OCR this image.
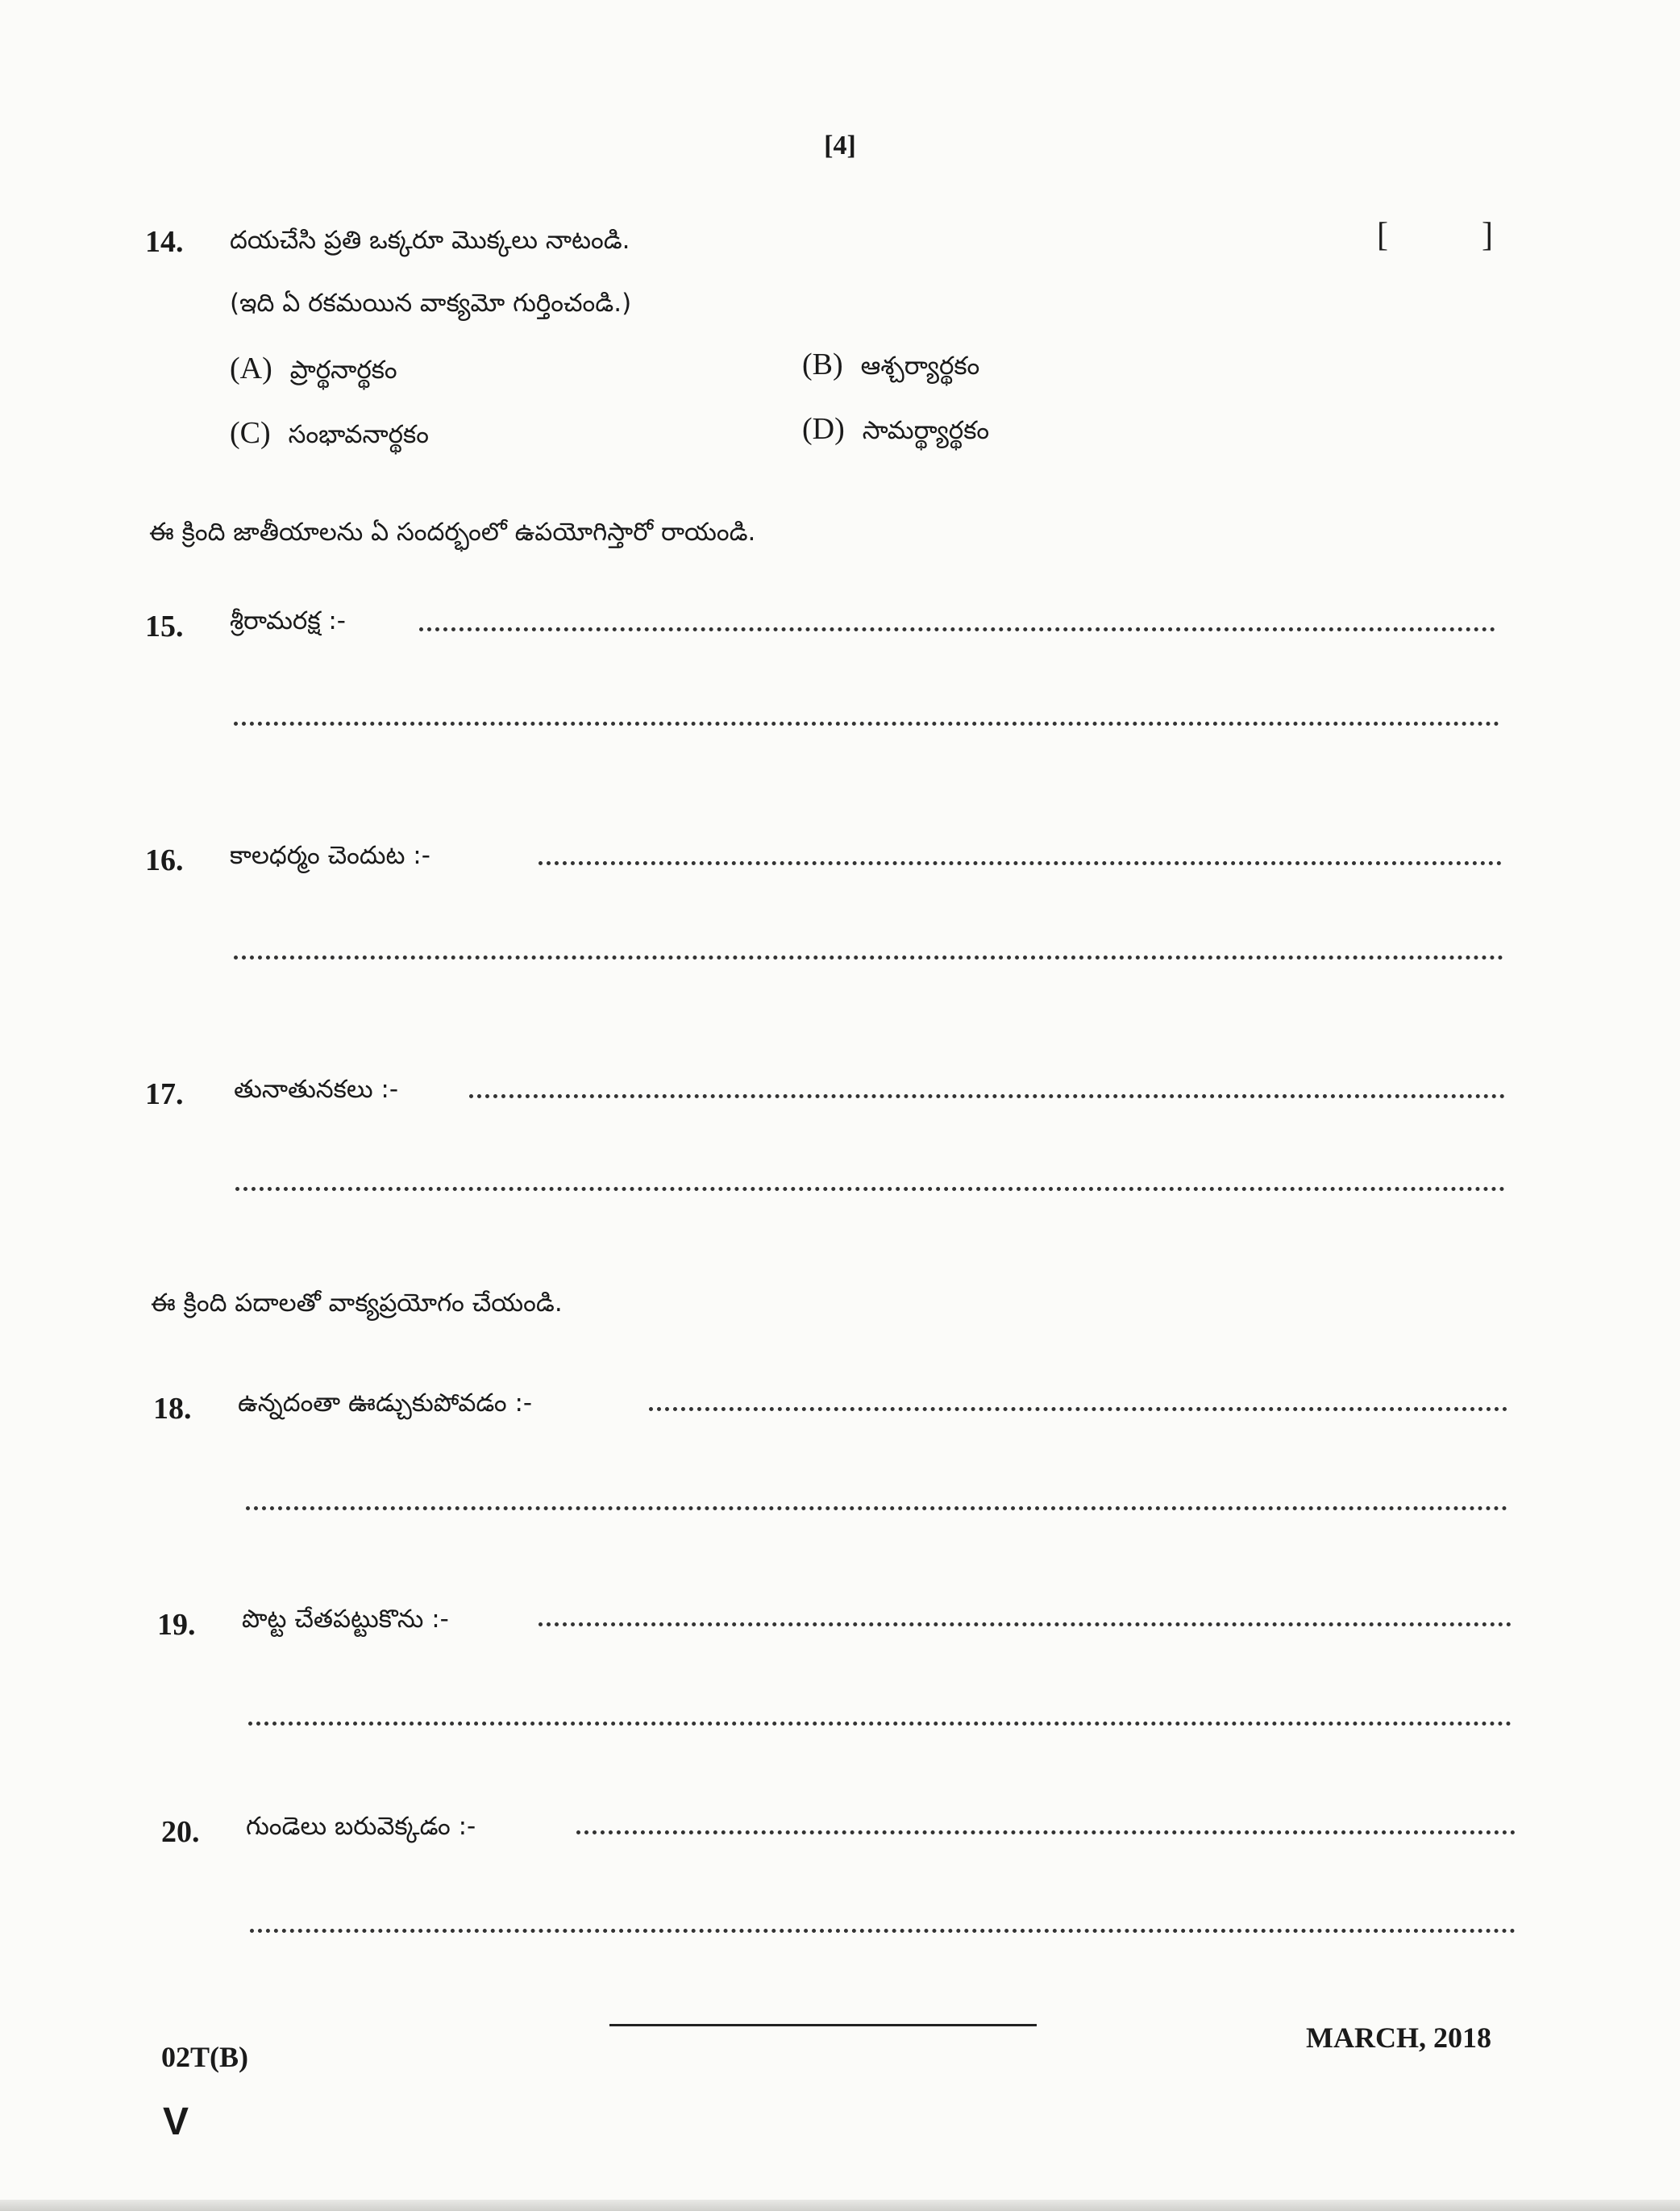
[4]
14. దయచేసి ప్రతి ఒక్కరూ మొక్కలు నాటండి.	[	]
(ఇది ఏ రకమయిన వాక్యమో గుర్తించండి.)
(A) ప్రార్థనార్థకం	(B) ఆశ్చర్యార్థకం
(C) సంభావనార్థకం	(D) సామర్థ్యార్థకం
ఈ క్రింది జాతీయాలను ఏ సందర్భంలో ఉపయోగిస్తారో రాయండి.
15. శ్రీరామరక్ష :-
16. కాలధర్మం చెందుట :-
17. తునాతునకలు :-
ఈ క్రింది పదాలతో వాక్యప్రయోగం చేయండి.
18. ఉన్నదంతా ఊడ్చుకుపోవడం :-
19. పొట్ట చేతపట్టుకొను :-
20. గుండెలు బరువెక్కడం :-
MARCH, 2018
02T(B)
V
